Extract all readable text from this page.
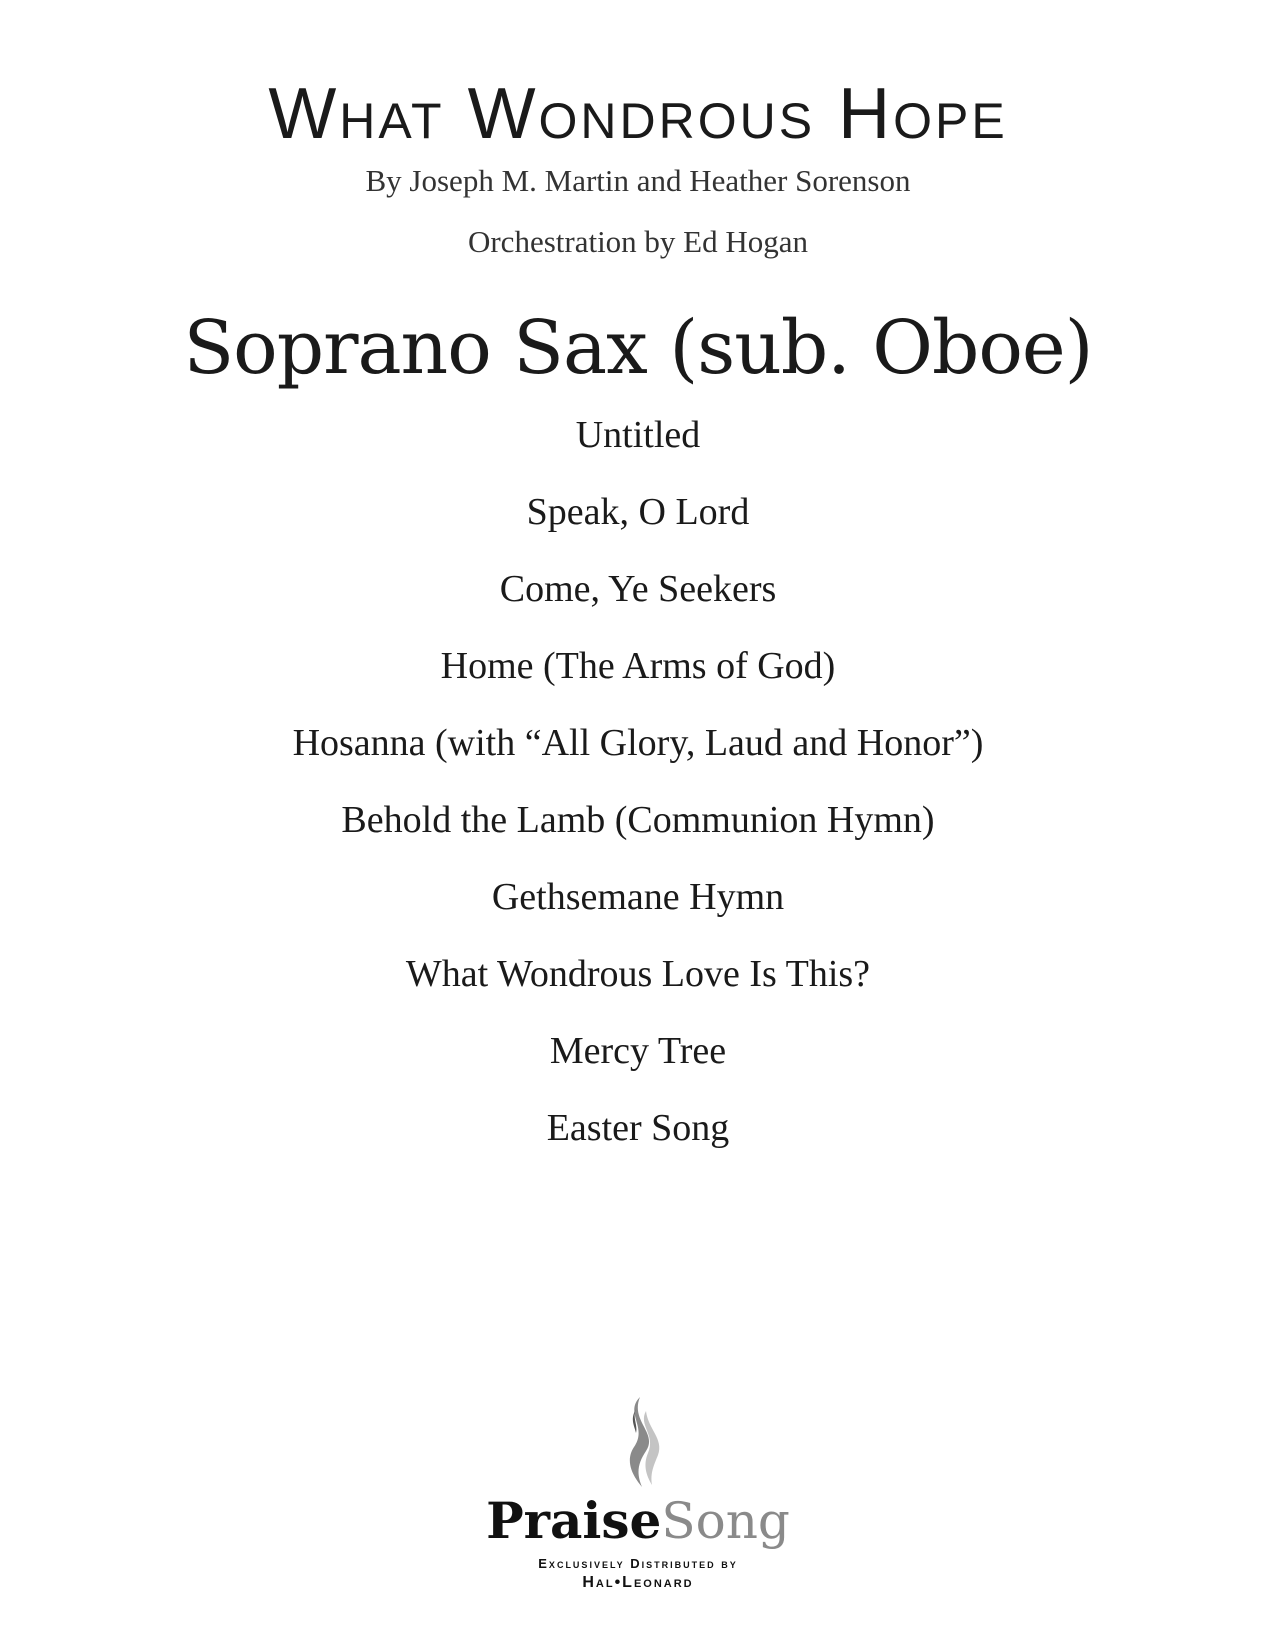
What Wondrous Hope
By Joseph M. Martin and Heather Sorenson
Orchestration by Ed Hogan
Soprano Sax (sub. Oboe)
Untitled
Speak, O Lord
Come, Ye Seekers
Home (The Arms of God)
Hosanna (with “All Glory, Laud and Honor”)
Behold the Lamb (Communion Hymn)
Gethsemane Hymn
What Wondrous Love Is This?
Mercy Tree
Easter Song
PraiseSong
Exclusively Distributed by
Hal•Leonard
